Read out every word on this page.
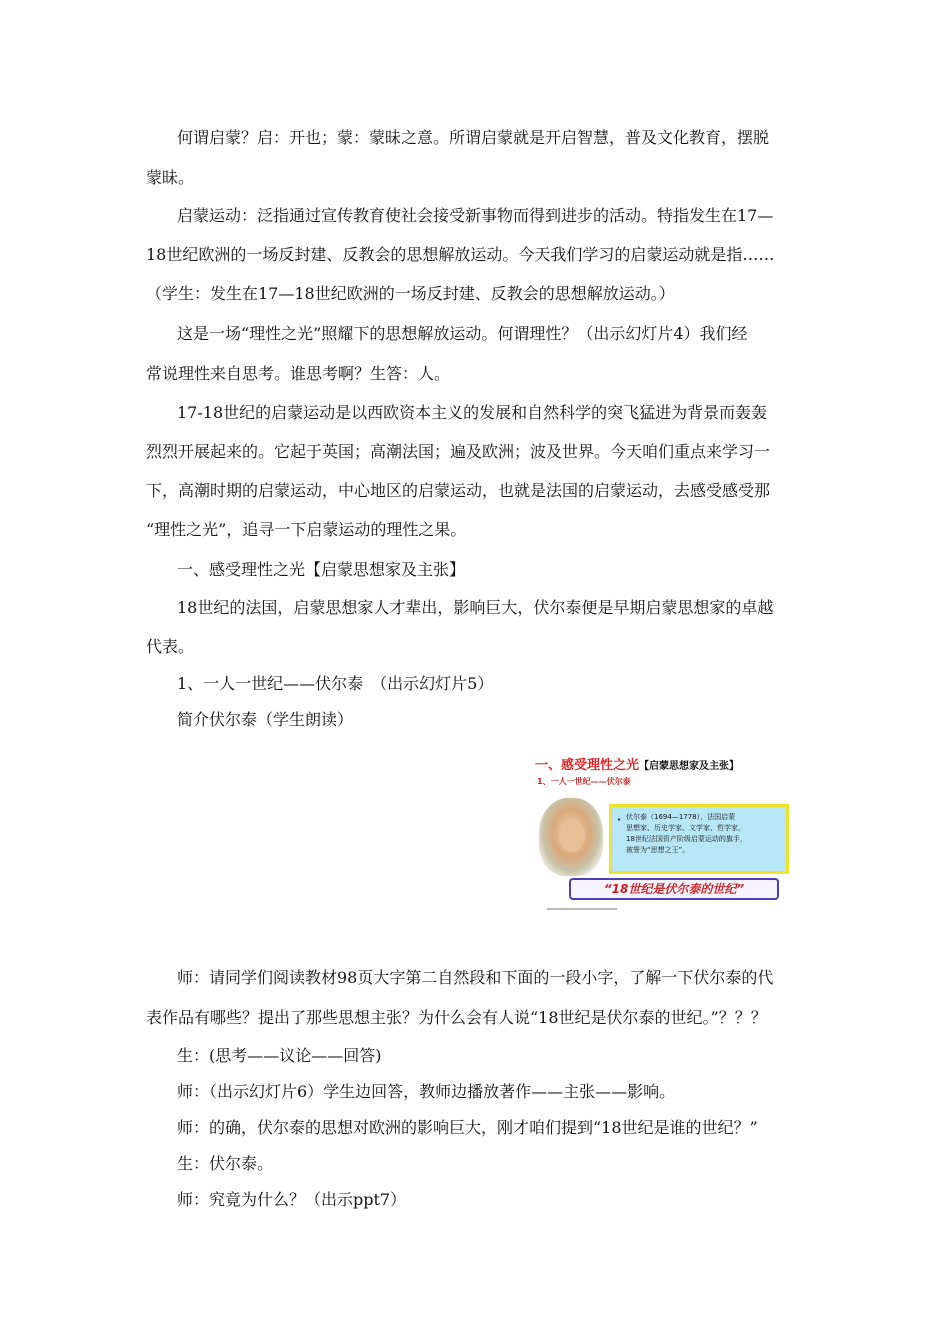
何谓启蒙？启：开也；蒙：蒙昧之意。所谓启蒙就是开启智慧，普及文化教育，摆脱
蒙昧。
启蒙运动：泛指通过宣传教育使社会接受新事物而得到进步的活动。特指发生在17—
18世纪欧洲的一场反封建、反教会的思想解放运动。今天我们学习的启蒙运动就是指……
（学生：发生在17—18世纪欧洲的一场反封建、反教会的思想解放运动。）
这是一场“理性之光”照耀下的思想解放运动。何谓理性？（出示幻灯片4）我们经
常说理性来自思考。谁思考啊？生答：人。
17-18世纪的启蒙运动是以西欧资本主义的发展和自然科学的突飞猛进为背景而轰轰
烈烈开展起来的。它起于英国；高潮法国；遍及欧洲；波及世界。今天咱们重点来学习一
下，高潮时期的启蒙运动，中心地区的启蒙运动，也就是法国的启蒙运动，去感受感受那
“理性之光”，追寻一下启蒙运动的理性之果。
一、感受理性之光【启蒙思想家及主张】
18世纪的法国，启蒙思想家人才辈出，影响巨大，伏尔泰便是早期启蒙思想家的卓越
代表。
1、一人一世纪——伏尔泰　（出示幻灯片5）
简介伏尔泰（学生朗读）
一、感受理性之光【启蒙思想家及主张】
1、一人一世纪——伏尔泰
• 伏尔泰（1694—1778），法国启蒙
思想家、历史学家、文学家、哲学家，
18世纪法国资产阶级启蒙运动的旗手，
被誉为“思想之王”。
“18世纪是伏尔泰的世纪”
师：请同学们阅读教材98页大字第二自然段和下面的一段小字，了解一下伏尔泰的代
表作品有哪些？提出了那些思想主张？为什么会有人说“18世纪是伏尔泰的世纪。”？？？
生：(思考——议论——回答)
师：（出示幻灯片6）学生边回答，教师边播放著作——主张——影响。
师：的确，伏尔泰的思想对欧洲的影响巨大，刚才咱们提到“18世纪是谁的世纪？”
生：伏尔泰。
师：究竟为什么？（出示ppt7）
